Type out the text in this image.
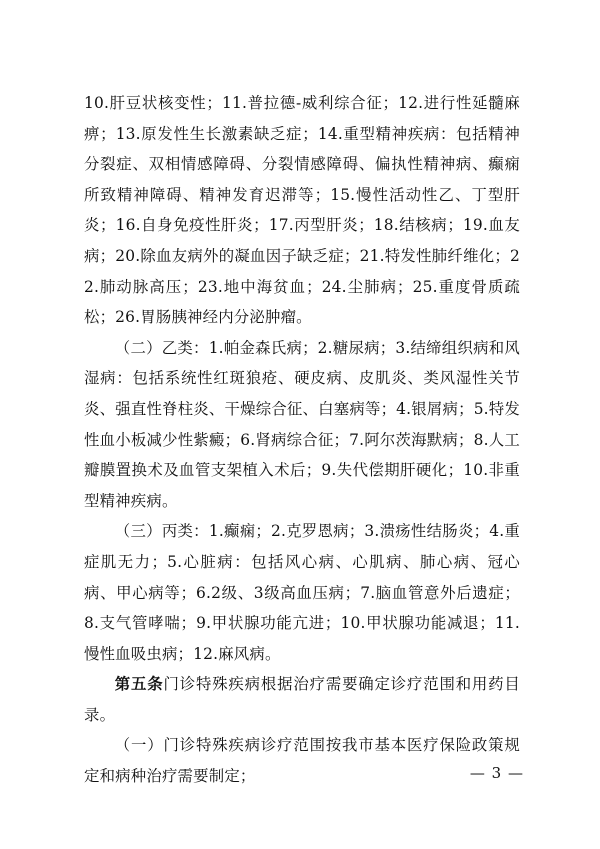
10.肝豆状核变性；11.普拉德-威利综合征；12.进行性延髓麻痹；13.原发性生长激素缺乏症；14.重型精神疾病：包括精神分裂症、双相情感障碍、分裂情感障碍、偏执性精神病、癫痫所致精神障碍、精神发育迟滞等；15.慢性活动性乙、丁型肝炎；16.自身免疫性肝炎；17.丙型肝炎；18.结核病；19.血友病；20.除血友病外的凝血因子缺乏症；21.特发性肺纤维化；22.肺动脉高压；23.地中海贫血；24.尘肺病；25.重度骨质疏松；26.胃肠胰神经内分泌肿瘤。

（二）乙类：1.帕金森氏病；2.糖尿病；3.结缔组织病和风湿病：包括系统性红斑狼疮、硬皮病、皮肌炎、类风湿性关节炎、强直性脊柱炎、干燥综合征、白塞病等；4.银屑病；5.特发性血小板减少性紫癜；6.肾病综合征；7.阿尔茨海默病；8.人工瓣膜置换术及血管支架植入术后；9.失代偿期肝硬化；10.非重型精神疾病。

（三）丙类：1.癫痫；2.克罗恩病；3.溃疡性结肠炎；4.重症肌无力；5.心脏病：包括风心病、心肌病、肺心病、冠心病、甲心病等；6.2级、3级高血压病；7.脑血管意外后遗症；8.支气管哮喘；9.甲状腺功能亢进；10.甲状腺功能减退；11.慢性血吸虫病；12.麻风病。

第五条门诊特殊疾病根据治疗需要确定诊疗范围和用药目录。

（一）门诊特殊疾病诊疗范围按我市基本医疗保险政策规定和病种治疗需要制定；	— 3 —
